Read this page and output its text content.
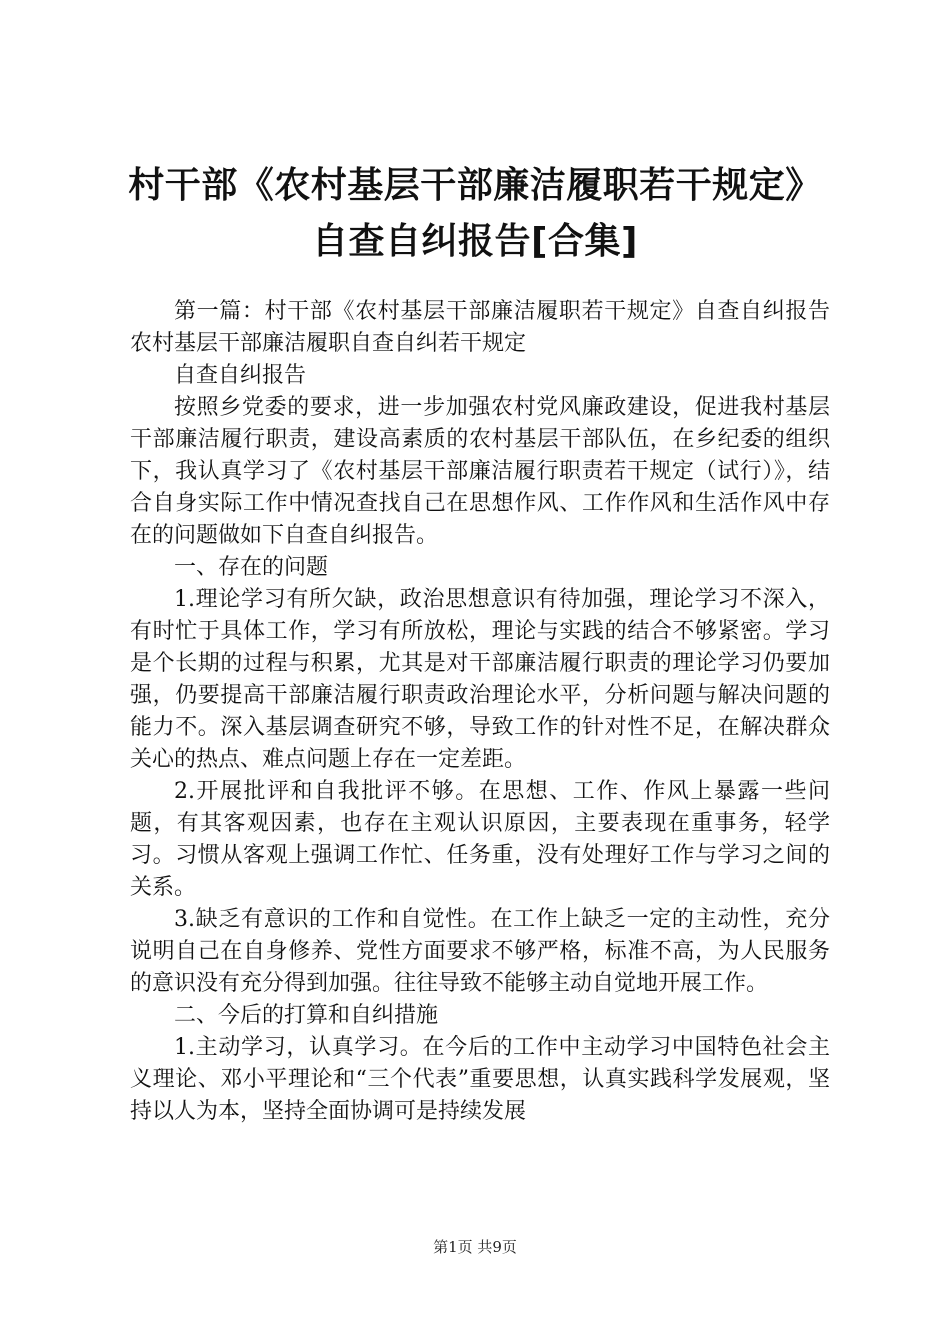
村干部《农村基层干部廉洁履职若干规定》自查自纠报告[合集]

第一篇：村干部《农村基层干部廉洁履职若干规定》自查自纠报告农村基层干部廉洁履职自查自纠若干规定

自查自纠报告

按照乡党委的要求，进一步加强农村党风廉政建设，促进我村基层干部廉洁履行职责，建设高素质的农村基层干部队伍，在乡纪委的组织下，我认真学习了《农村基层干部廉洁履行职责若干规定（试行）》，结合自身实际工作中情况查找自己在思想作风、工作作风和生活作风中存在的问题做如下自查自纠报告。

一、存在的问题

1.理论学习有所欠缺，政治思想意识有待加强，理论学习不深入，有时忙于具体工作，学习有所放松，理论与实践的结合不够紧密。学习是个长期的过程与积累，尤其是对干部廉洁履行职责的理论学习仍要加强，仍要提高干部廉洁履行职责政治理论水平，分析问题与解决问题的能力不。深入基层调查研究不够，导致工作的针对性不足，在解决群众关心的热点、难点问题上存在一定差距。

2.开展批评和自我批评不够。在思想、工作、作风上暴露一些问题，有其客观因素，也存在主观认识原因，主要表现在重事务，轻学习。习惯从客观上强调工作忙、任务重，没有处理好工作与学习之间的关系。

3.缺乏有意识的工作和自觉性。在工作上缺乏一定的主动性，充分说明自己在自身修养、党性方面要求不够严格，标准不高，为人民服务的意识没有充分得到加强。往往导致不能够主动自觉地开展工作。

二、今后的打算和自纠措施

1.主动学习，认真学习。在今后的工作中主动学习中国特色社会主义理论、邓小平理论和“三个代表”重要思想，认真实践科学发展观，坚持以人为本，坚持全面协调可是持续发展

第1页 共9页
